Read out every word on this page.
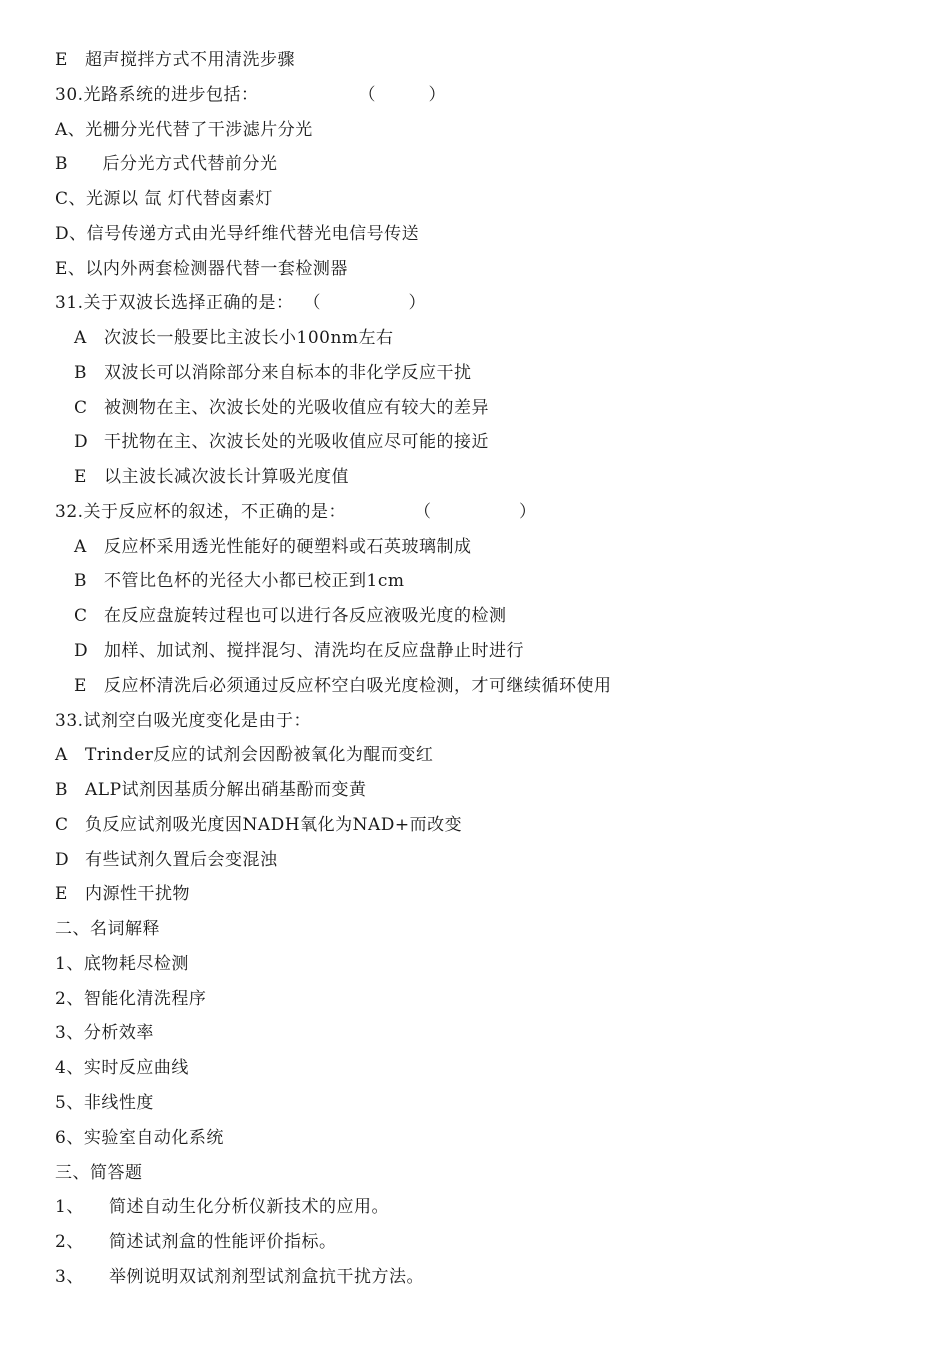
E 超声搅拌方式不用清洗步骤
30.光路系统的进步包括：	（　　　）
A、光栅分光代替了干涉滤片分光
B　后分光方式代替前分光
C、光源以 氙 灯代替卤素灯
D、信号传递方式由光导纤维代替光电信号传送
E、以内外两套检测器代替一套检测器
31.关于双波长选择正确的是： （　　　　　）
A 次波长一般要比主波长小100nm左右
B 双波长可以消除部分来自标本的非化学反应干扰
C 被测物在主、次波长处的光吸收值应有较大的差异
D 干扰物在主、次波长处的光吸收值应尽可能的接近
E 以主波长减次波长计算吸光度值
32.关于反应杯的叙述，不正确的是：	（　　　　　）
A 反应杯采用透光性能好的硬塑料或石英玻璃制成
B 不管比色杯的光径大小都已校正到1cm
C 在反应盘旋转过程也可以进行各反应液吸光度的检测
D 加样、加试剂、搅拌混匀、清洗均在反应盘静止时进行
E 反应杯清洗后必须通过反应杯空白吸光度检测，才可继续循环使用
33.试剂空白吸光度变化是由于：
A Trinder反应的试剂会因酚被氧化为醌而变红
B ALP试剂因基质分解出硝基酚而变黄
C 负反应试剂吸光度因NADH氧化为NAD+而改变
D 有些试剂久置后会变混浊
E 内源性干扰物
二、名词解释
1、底物耗尽检测
2、智能化清洗程序
3、分析效率
4、实时反应曲线
5、非线性度
6、实验室自动化系统
三、简答题
1、 简述自动生化分析仪新技术的应用。
2、 简述试剂盒的性能评价指标。
3、 举例说明双试剂剂型试剂盒抗干扰方法。
